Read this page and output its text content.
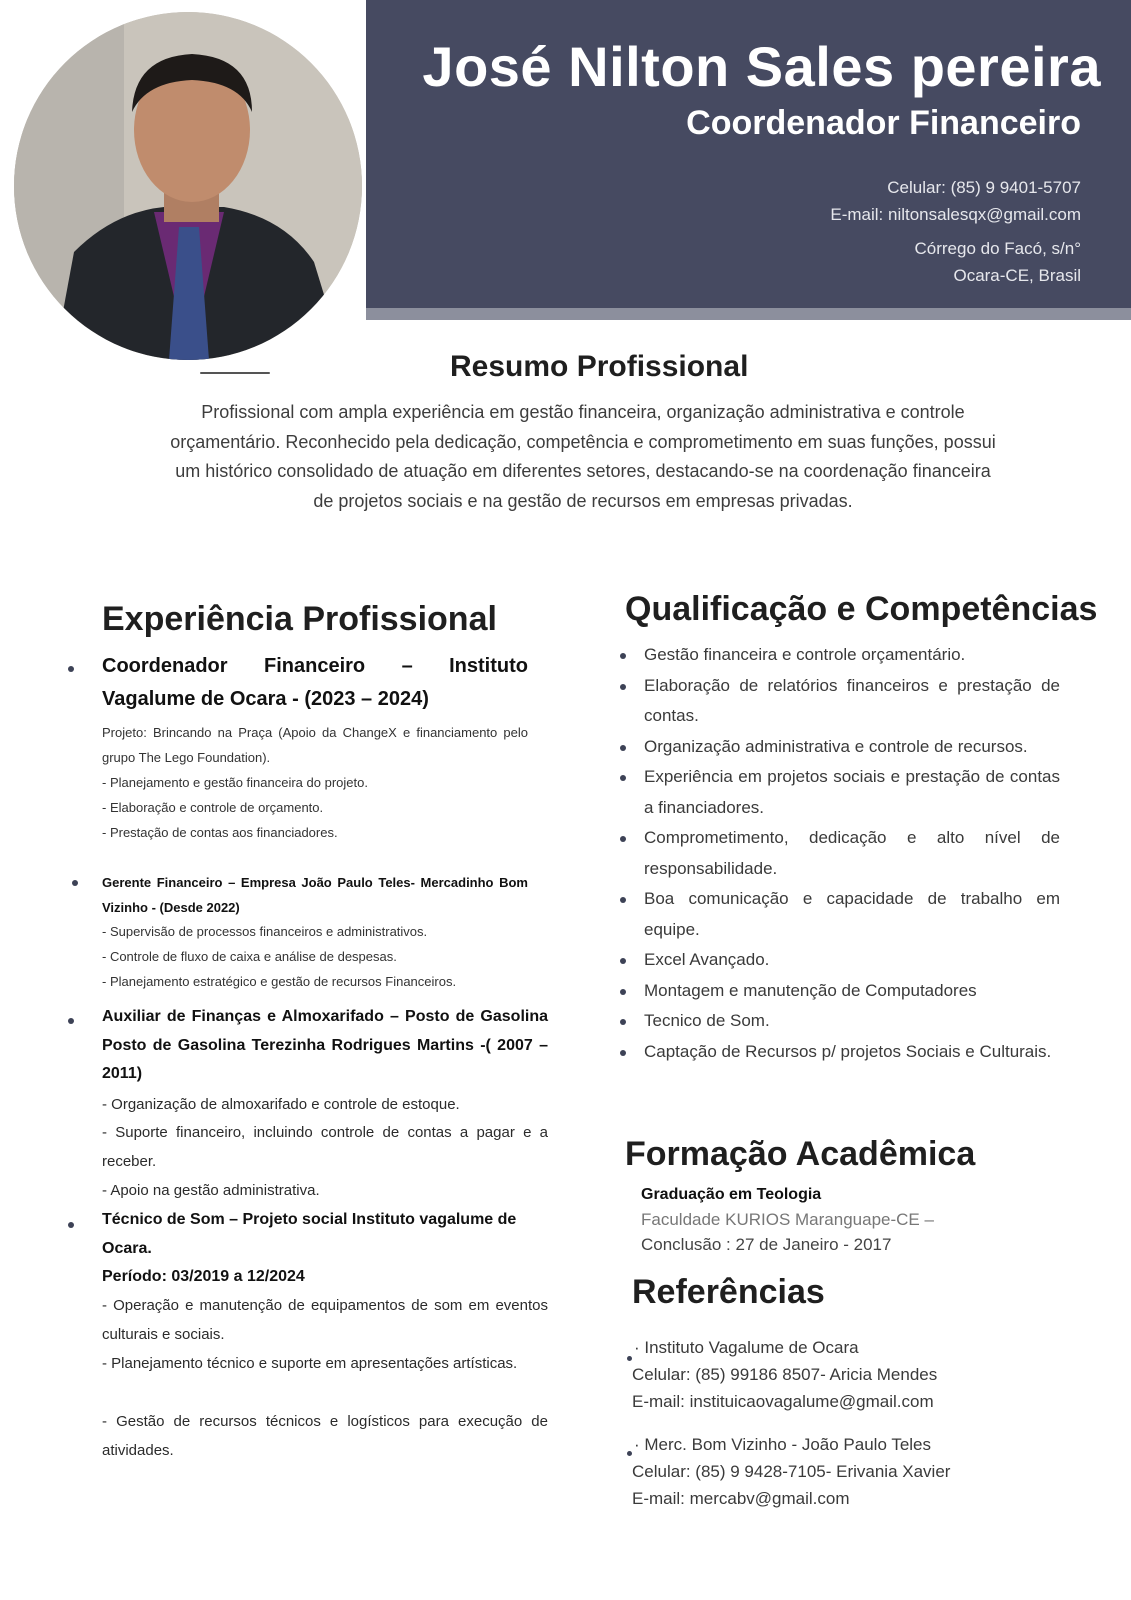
José Nilton Sales pereira
Coordenador Financeiro
Celular: (85) 9 9401-5707
E-mail: niltonsalesqx@gmail.com
Córrego do Facó, s/n°
Ocara-CE, Brasil
Resumo Profissional

Profissional com ampla experiência em gestão financeira, organização administrativa e controle orçamentário. Reconhecido pela dedicação, competência e comprometimento em suas funções, possui um histórico consolidado de atuação em diferentes setores, destacando-se na coordenação financeira de projetos sociais e na gestão de recursos em empresas privadas.

Experiência Profissional
Coordenador Financeiro – Instituto Vagalume de Ocara - (2023 – 2024)
Projeto: Brincando na Praça (Apoio da ChangeX e financiamento pelo grupo The Lego Foundation).
- Planejamento e gestão financeira do projeto.
- Elaboração e controle de orçamento.
- Prestação de contas aos financiadores.
Gerente Financeiro – Empresa João Paulo Teles- Mercadinho Bom Vizinho - (Desde 2022)
- Supervisão de processos financeiros e administrativos.
- Controle de fluxo de caixa e análise de despesas.
- Planejamento estratégico e gestão de recursos Financeiros.
Auxiliar de Finanças e Almoxarifado – Posto de Gasolina Posto de Gasolina Terezinha Rodrigues Martins -( 2007 – 2011)
- Organização de almoxarifado e controle de estoque.
- Suporte financeiro, incluindo controle de contas a pagar e a receber.
- Apoio na gestão administrativa.
Técnico de Som – Projeto social Instituto vagalume de Ocara.
Período: 03/2019 a 12/2024
- Operação e manutenção de equipamentos de som em eventos culturais e sociais.
- Planejamento técnico e suporte em apresentações artísticas.
- Gestão de recursos técnicos e logísticos para execução de atividades.
Qualificação e Competências
Gestão financeira e controle orçamentário.
Elaboração de relatórios financeiros e prestação de contas.
Organização administrativa e controle de recursos.
Experiência em projetos sociais e prestação de contas a financiadores.
Comprometimento, dedicação e alto nível de responsabilidade.
Boa comunicação e capacidade de trabalho em equipe.
Excel Avançado.
Montagem e manutenção de Computadores
Tecnico de Som.
Captação de Recursos p/ projetos Sociais e Culturais.
Formação Acadêmica
Graduação em Teologia
Faculdade KURIOS Maranguape-CE –
Conclusão : 27 de Janeiro - 2017
Referências
· Instituto Vagalume de Ocara
Celular: (85) 99186 8507- Aricia Mendes
E-mail: instituicaovagalume@gmail.com
· Merc. Bom Vizinho - João Paulo Teles
Celular: (85) 9 9428-7105- Erivania Xavier
E-mail: mercabv@gmail.com
